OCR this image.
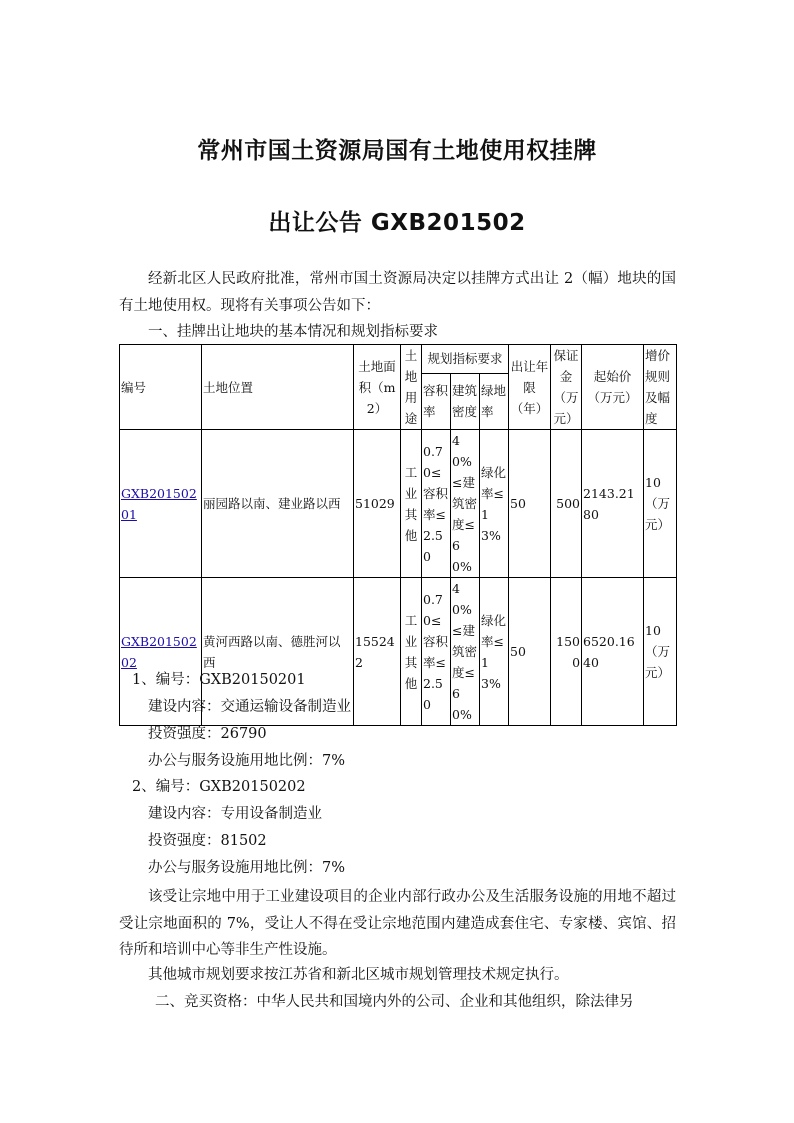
常州市国土资源局国有土地使用权挂牌
出让公告 GXB201502

经新北区人民政府批准，常州市国土资源局决定以挂牌方式出让 2（幅）地块的国有土地使用权。现将有关事项公告如下：

一、挂牌出让地块的基本情况和规划指标要求

编号	土地位置	土地面积（m2）	土地用途	规划指标要求			出让年限（年）	保证金（万元）	起始价（万元）	增价规则及幅度
				容积率	建筑密度	绿地率				
GXB20150201	丽园路以南、建业路以西	51029	工业其他	0.70≤容积率≤2.50	40%≤建筑密度≤60%	绿化率≤13%	50	500	2143.2180	10（万元）
GXB20150202	黄河西路以南、德胜河以西	155242	工业其他	0.70≤容积率≤2.50	40%≤建筑密度≤60%	绿化率≤13%	50	1500	6520.1640	10（万元）

1、编号：GXB20150201

建设内容：交通运输设备制造业

投资强度：26790

办公与服务设施用地比例：7%

2、编号：GXB20150202

建设内容：专用设备制造业

投资强度：81502

办公与服务设施用地比例：7%

该受让宗地中用于工业建设项目的企业内部行政办公及生活服务设施的用地不超过受让宗地面积的 7%，受让人不得在受让宗地范围内建造成套住宅、专家楼、宾馆、招待所和培训中心等非生产性设施。

其他城市规划要求按江苏省和新北区城市规划管理技术规定执行。

二、竞买资格：中华人民共和国境内外的公司、企业和其他组织，除法律另
